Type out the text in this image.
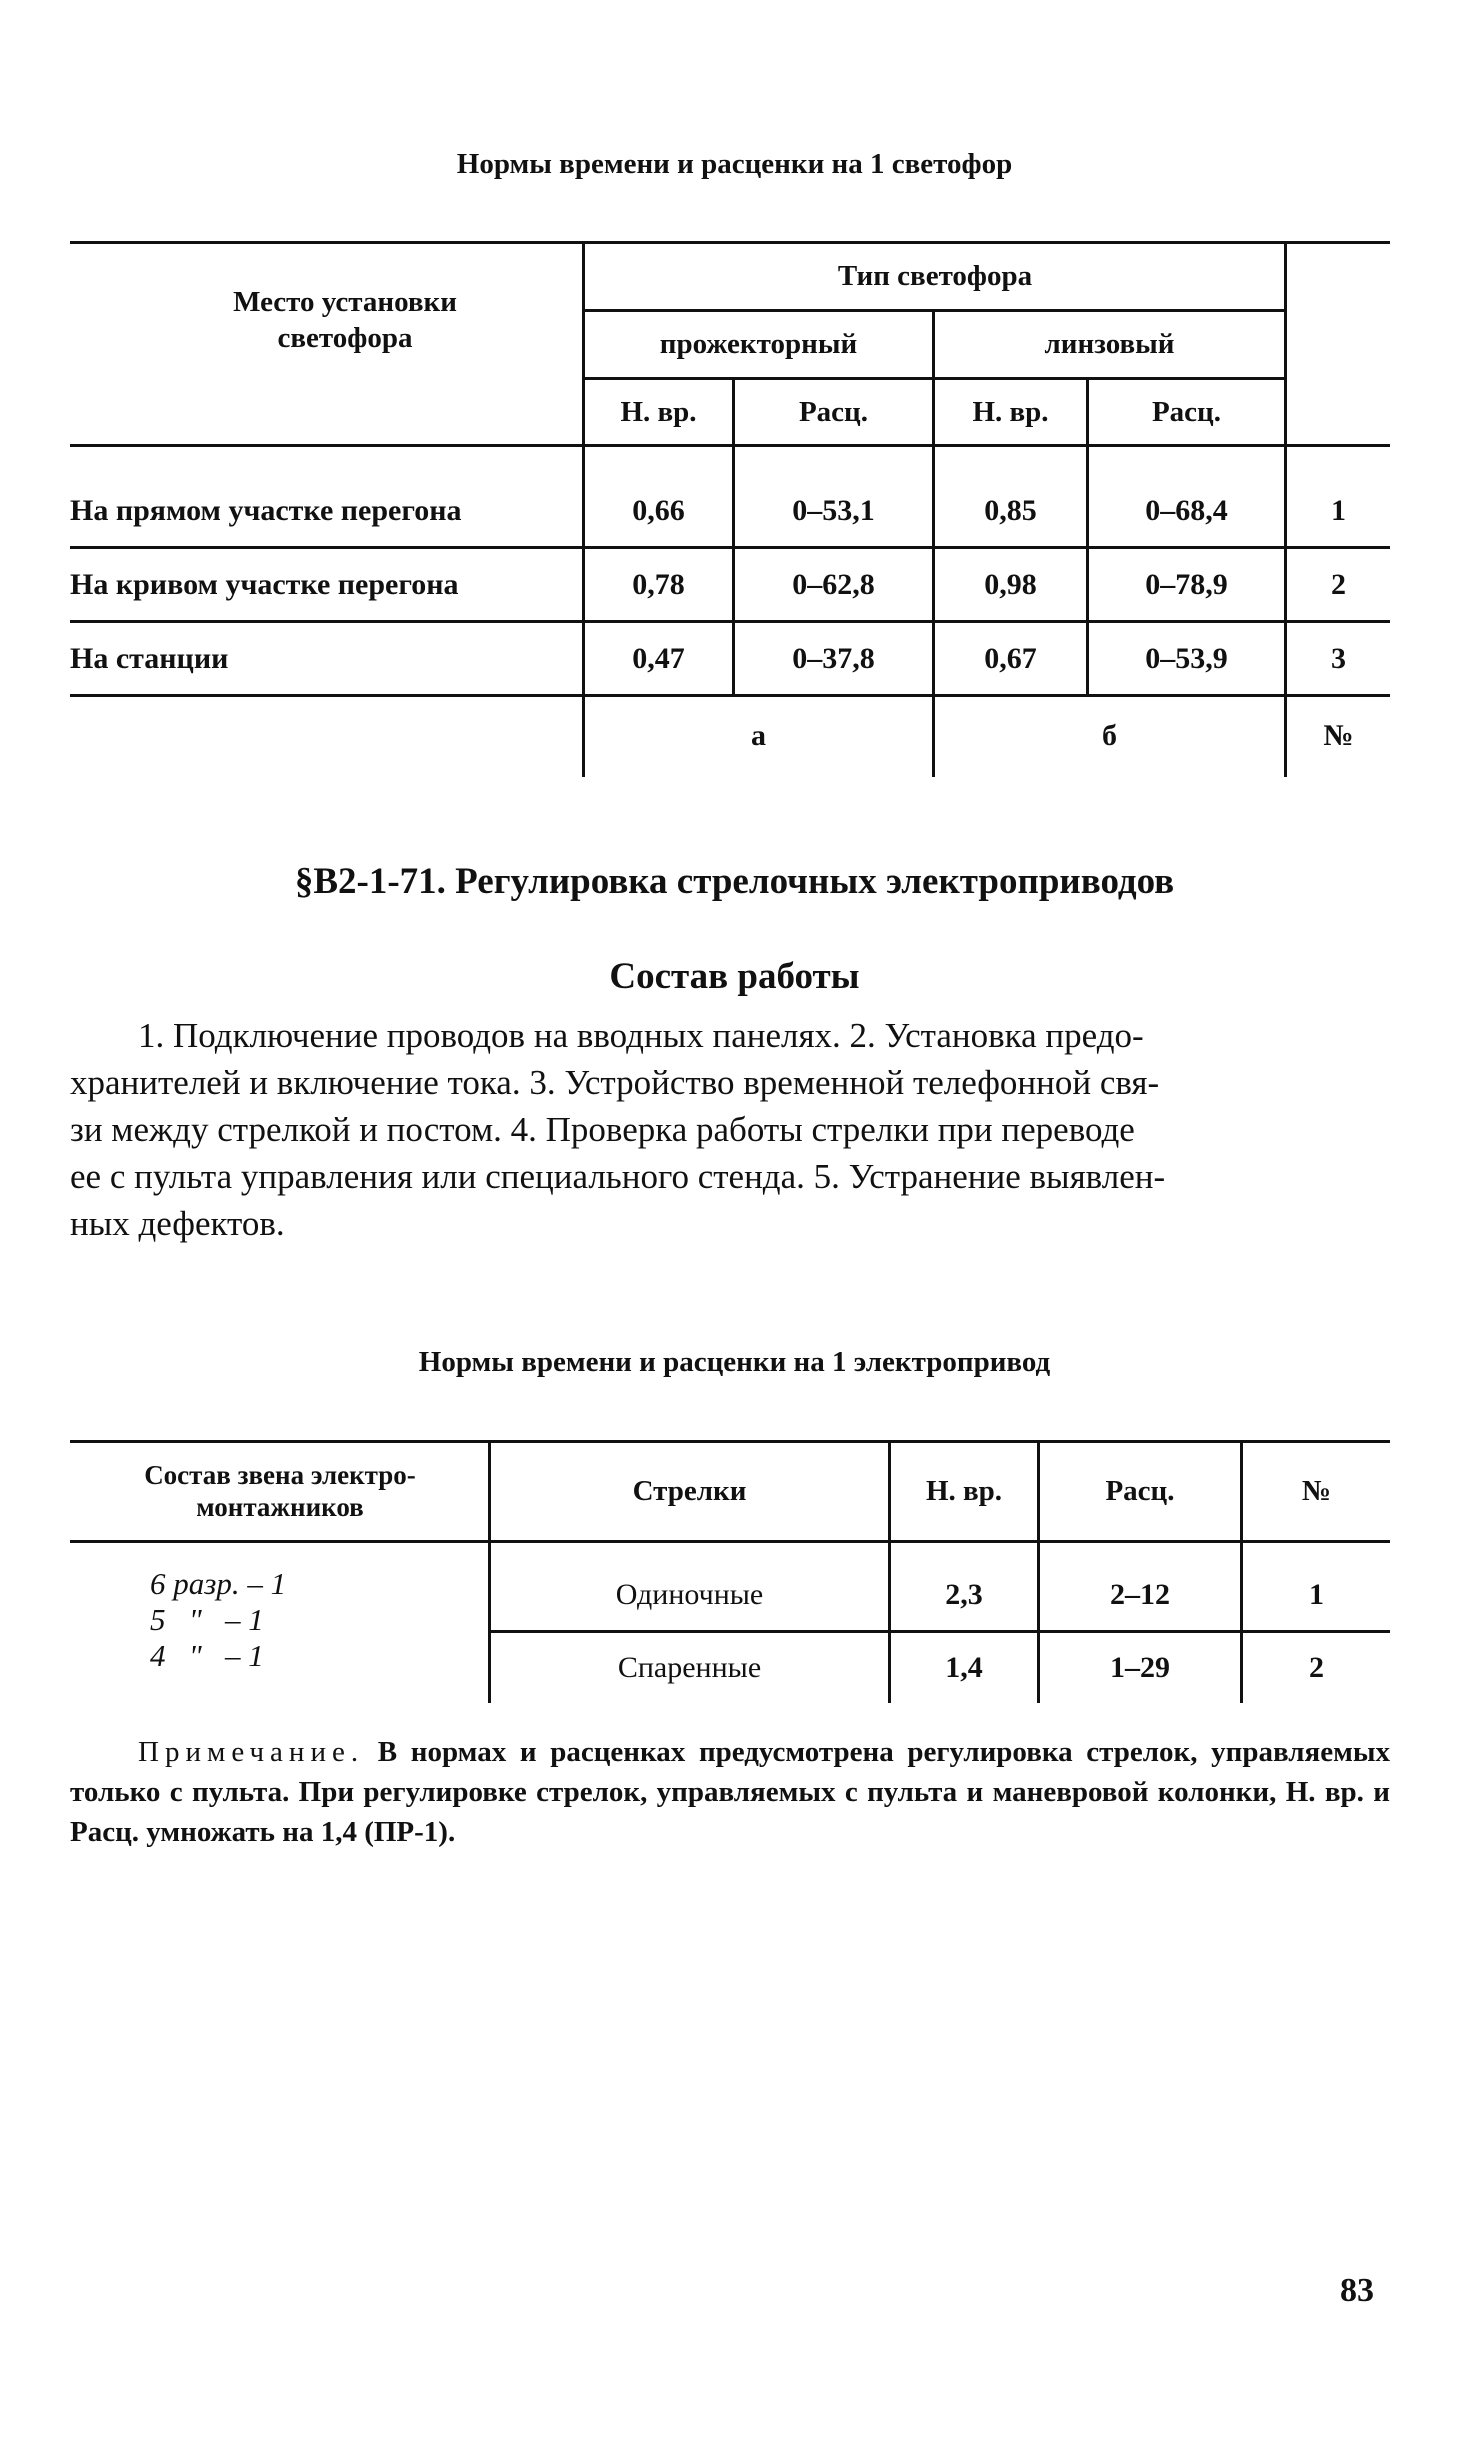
Нормы времени и расценки на 1 светофор
Место установки светофора
Тип светофора
прожекторный	линзовый
Н. вр.	Расц.	Н. вр.	Расц.
На прямом участке перегона	0,66	0–53,1	0,85	0–68,4	1
На кривом участке перегона	0,78	0–62,8	0,98	0–78,9	2
На станции	0,47	0–37,8	0,67	0–53,9	3
а	б	№
§В2-1-71. Регулировка стрелочных электроприводов
Состав работы
1. Подключение проводов на вводных панелях. 2. Установка предо-
хранителей и включение тока. 3. Устройство временной телефонной свя-
зи между стрелкой и постом. 4. Проверка работы стрелки при переводе
ее с пульта управления или специального стенда. 5. Устранение выявлен-
ных дефектов.
Нормы времени и расценки на 1 электропривод
Состав звена электро-монтажников	Стрелки	Н. вр.	Расц.	№
6 разр. – 1
5   "   – 1
4   "   – 1
Одиночные	2,3	2–12	1
Спаренные	1,4	1–29	2
Примечание. В нормах и расценках предусмотрена регулировка стрелок, управляемых только с пульта. При регулировке стрелок, управляемых с пульта и маневровой колонки, Н. вр. и Расц. умножать на 1,4 (ПР-1).
83
